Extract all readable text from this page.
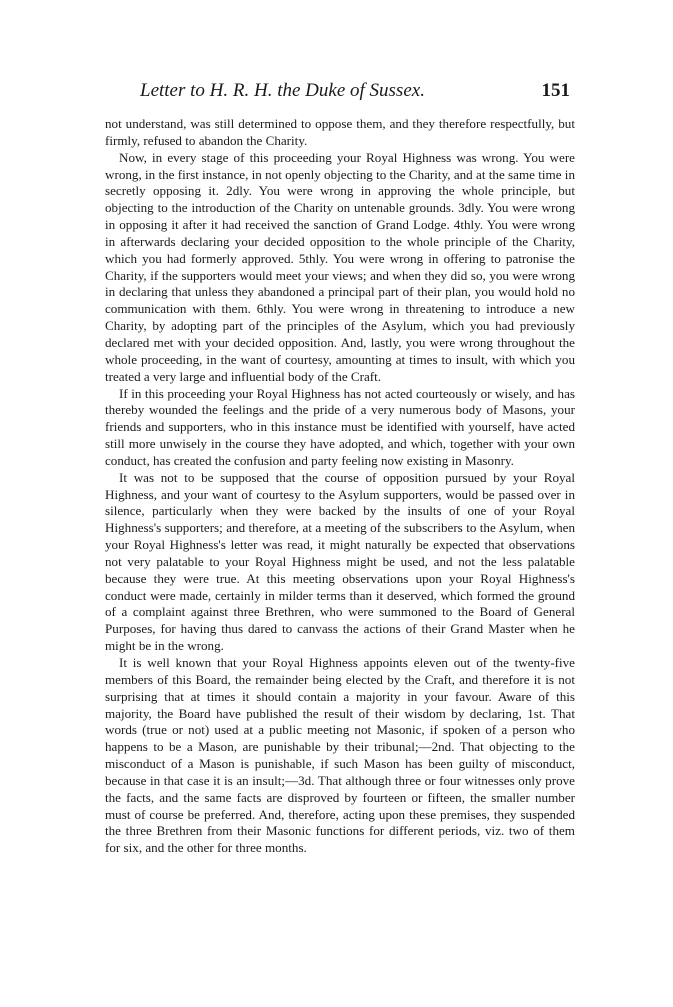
Letter to H. R. H. the Duke of Sussex.	151

not understand, was still determined to oppose them, and they therefore respectfully, but firmly, refused to abandon the Charity.

Now, in every stage of this proceeding your Royal Highness was wrong. You were wrong, in the first instance, in not openly objecting to the Charity, and at the same time in secretly opposing it. 2dly. You were wrong in approving the whole principle, but objecting to the introduction of the Charity on untenable grounds. 3dly. You were wrong in opposing it after it had received the sanction of Grand Lodge. 4thly. You were wrong in afterwards declaring your decided opposition to the whole principle of the Charity, which you had formerly approved. 5thly. You were wrong in offering to patronise the Charity, if the supporters would meet your views; and when they did so, you were wrong in declaring that unless they abandoned a principal part of their plan, you would hold no communication with them. 6thly. You were wrong in threatening to introduce a new Charity, by adopting part of the principles of the Asylum, which you had previously declared met with your decided opposition. And, lastly, you were wrong throughout the whole proceeding, in the want of courtesy, amounting at times to insult, with which you treated a very large and influential body of the Craft.

If in this proceeding your Royal Highness has not acted courteously or wisely, and has thereby wounded the feelings and the pride of a very numerous body of Masons, your friends and supporters, who in this instance must be identified with yourself, have acted still more unwisely in the course they have adopted, and which, together with your own conduct, has created the confusion and party feeling now existing in Masonry.

It was not to be supposed that the course of opposition pursued by your Royal Highness, and your want of courtesy to the Asylum supporters, would be passed over in silence, particularly when they were backed by the insults of one of your Royal Highness's supporters; and therefore, at a meeting of the subscribers to the Asylum, when your Royal Highness's letter was read, it might naturally be expected that observations not very palatable to your Royal Highness might be used, and not the less palatable because they were true. At this meeting observations upon your Royal Highness's conduct were made, certainly in milder terms than it deserved, which formed the ground of a complaint against three Brethren, who were summoned to the Board of General Purposes, for having thus dared to canvass the actions of their Grand Master when he might be in the wrong.

It is well known that your Royal Highness appoints eleven out of the twenty-five members of this Board, the remainder being elected by the Craft, and therefore it is not surprising that at times it should contain a majority in your favour. Aware of this majority, the Board have published the result of their wisdom by declaring, 1st. That words (true or not) used at a public meeting not Masonic, if spoken of a person who happens to be a Mason, are punishable by their tribunal;—2nd. That objecting to the misconduct of a Mason is punishable, if such Mason has been guilty of misconduct, because in that case it is an insult;—3d. That although three or four witnesses only prove the facts, and the same facts are disproved by fourteen or fifteen, the smaller number must of course be preferred. And, therefore, acting upon these premises, they suspended the three Brethren from their Masonic functions for different periods, viz. two of them for six, and the other for three months.
